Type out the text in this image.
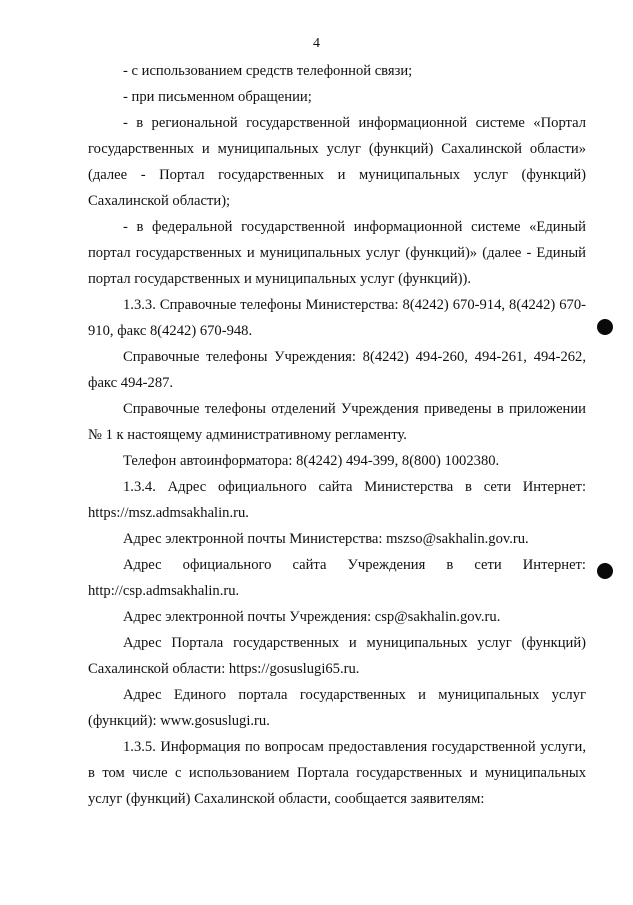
4

- с использованием средств телефонной связи;

- при письменном обращении;

- в региональной государственной информационной системе «Портал государственных и муниципальных услуг (функций) Сахалинской области» (далее - Портал государственных и муниципальных услуг (функций) Сахалинской области);

- в федеральной государственной информационной системе «Единый портал государственных и муниципальных услуг (функций)» (далее - Единый портал государственных и муниципальных услуг (функций)).

1.3.3. Справочные телефоны Министерства: 8(4242) 670-914, 8(4242) 670-910, факс 8(4242) 670-948.

Справочные телефоны Учреждения: 8(4242) 494-260, 494-261, 494-262, факс 494-287.

Справочные телефоны отделений Учреждения приведены в приложении № 1 к настоящему административному регламенту.

Телефон автоинформатора: 8(4242) 494-399, 8(800) 1002380.

1.3.4. Адрес официального сайта Министерства в сети Интернет: https://msz.admsakhalin.ru.

Адрес электронной почты Министерства: mszso@sakhalin.gov.ru.

Адрес официального сайта Учреждения в сети Интернет: http://csp.admsakhalin.ru.

Адрес электронной почты Учреждения: csp@sakhalin.gov.ru.

Адрес Портала государственных и муниципальных услуг (функций) Сахалинской области: https://gosuslugi65.ru.

Адрес Единого портала государственных и муниципальных услуг (функций): www.gosuslugi.ru.

1.3.5. Информация по вопросам предоставления государственной услуги, в том числе с использованием Портала государственных и муниципальных услуг (функций) Сахалинской области, сообщается заявителям:
